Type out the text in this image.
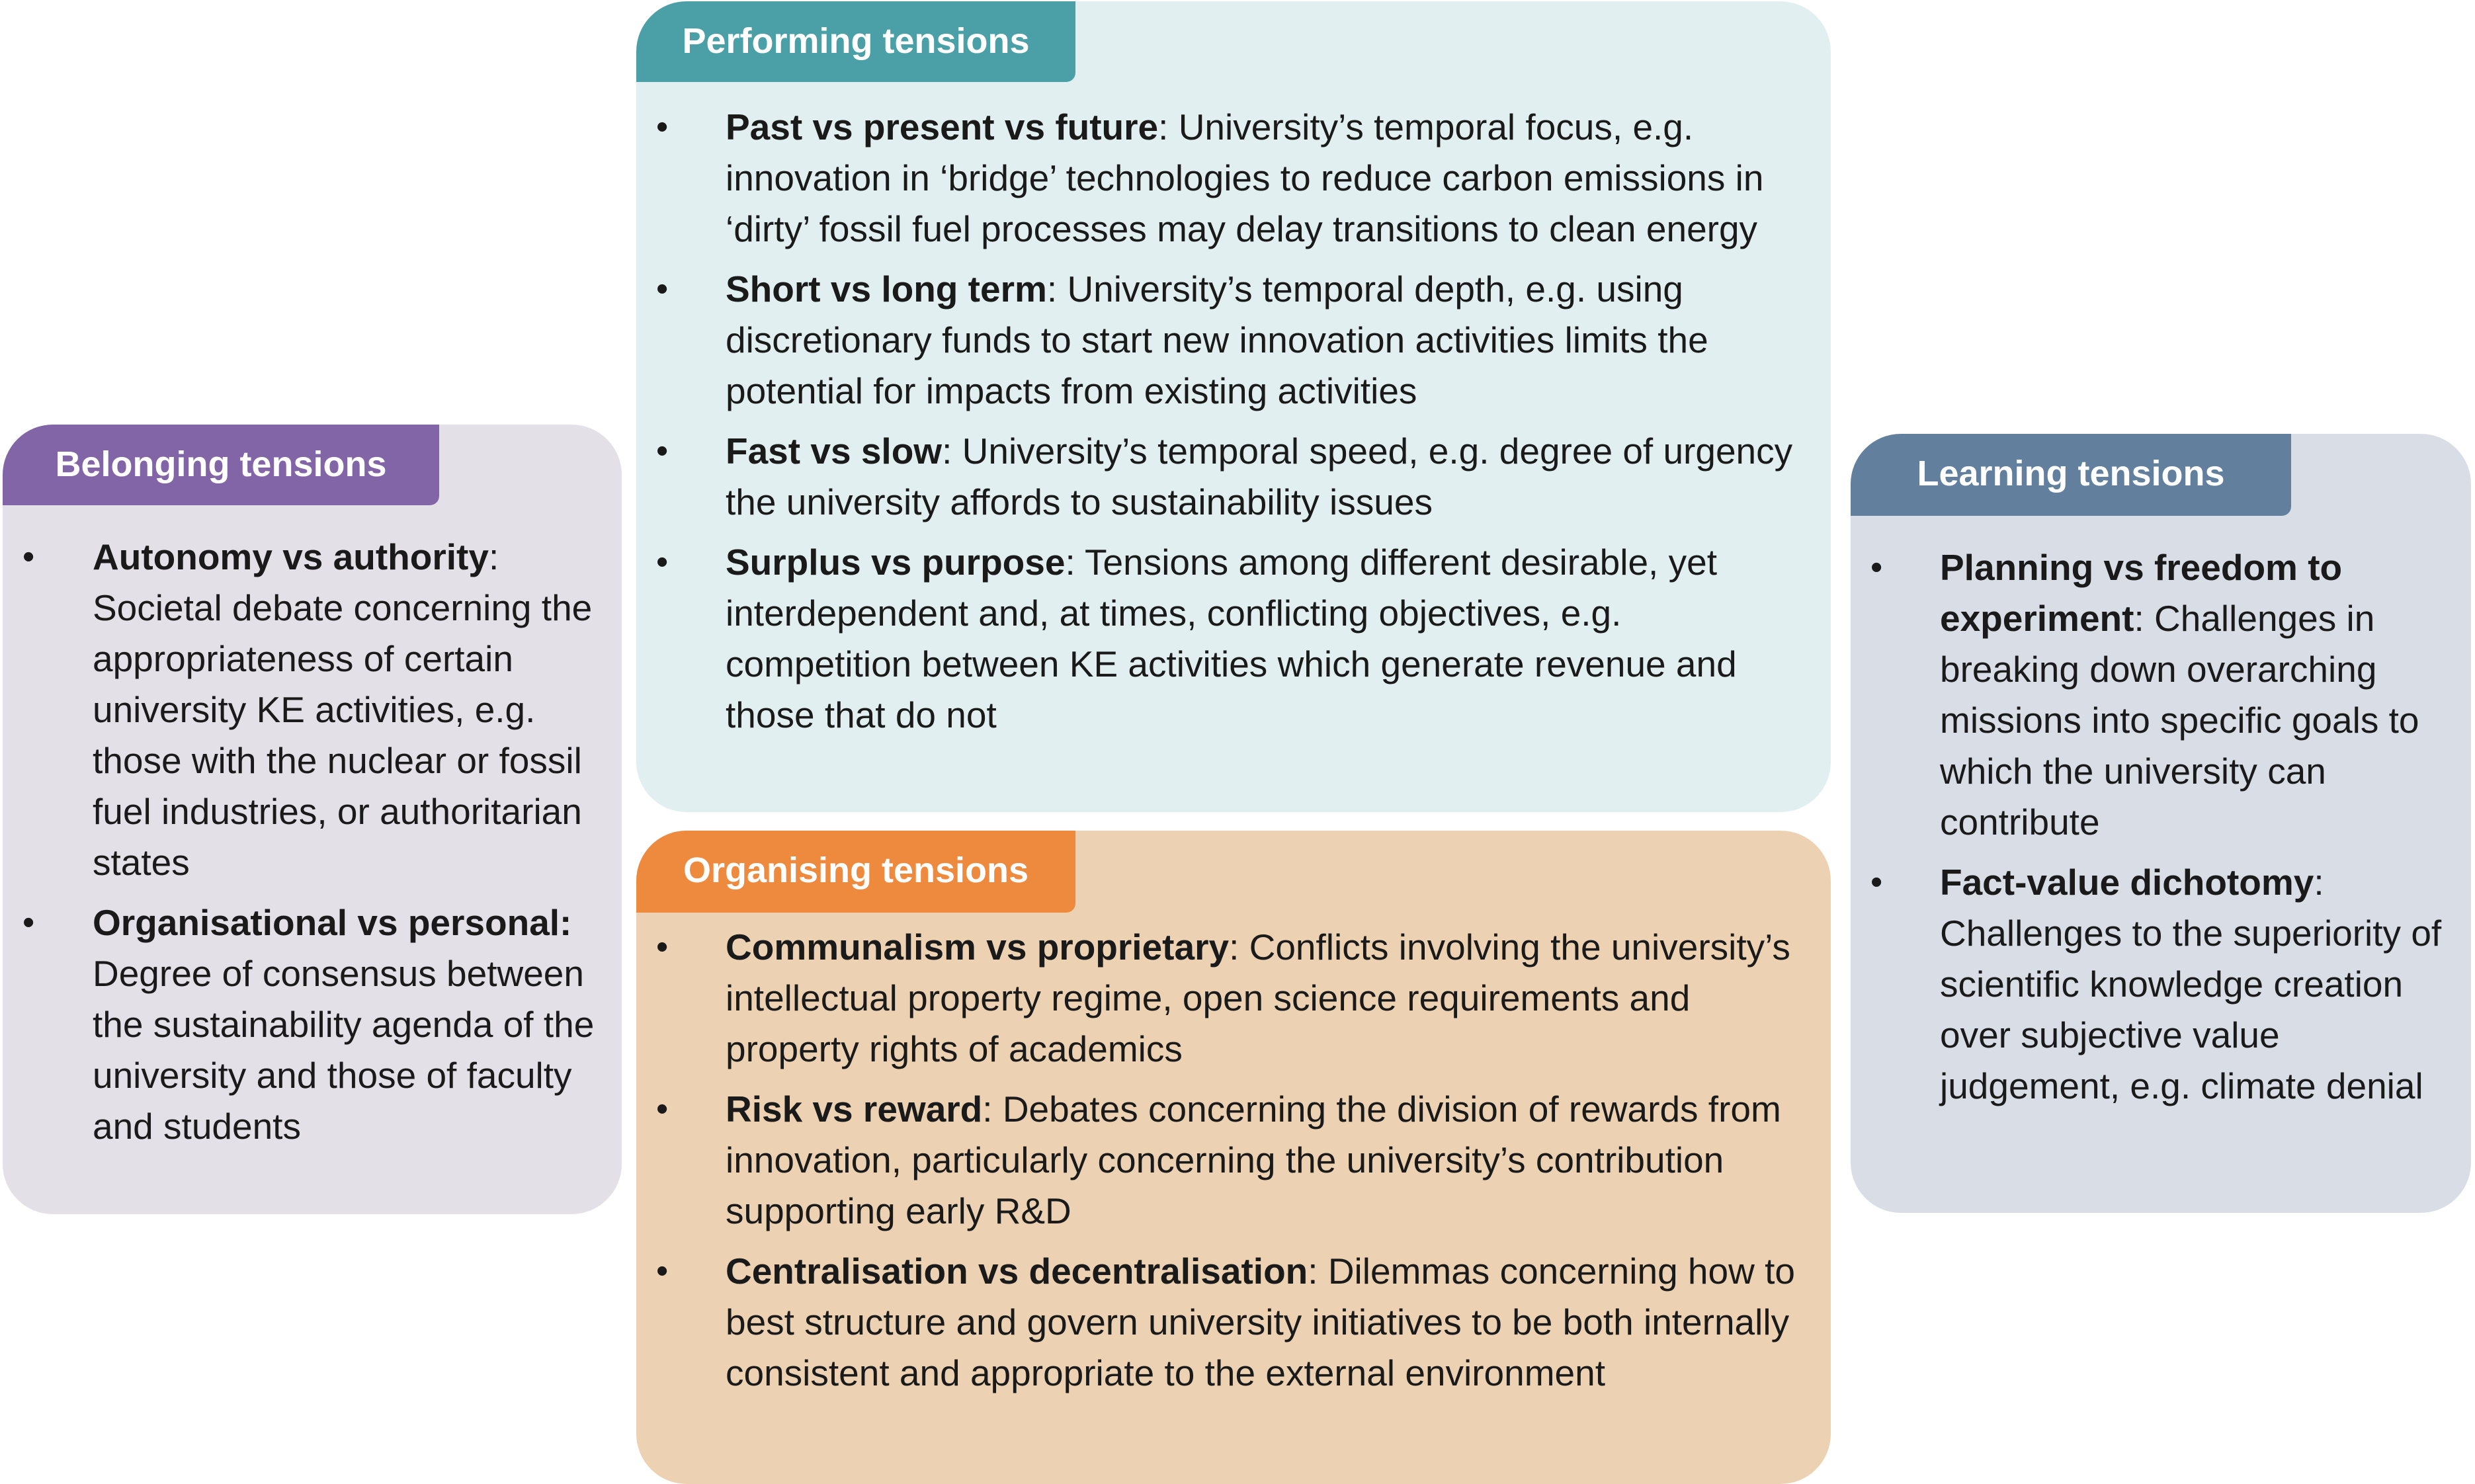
Performing tensions
• Past vs present vs future: University’s temporal focus, e.g. innovation in ‘bridge’ technologies to reduce carbon emissions in ‘dirty’ fossil fuel processes may delay transitions to clean energy
• Short vs long term: University’s temporal depth, e.g. using discretionary funds to start new innovation activities limits the potential for impacts from existing activities
• Fast vs slow: University’s temporal speed, e.g. degree of urgency the university affords to sustainability issues
• Surplus vs purpose: Tensions among different desirable, yet interdependent and, at times, conflicting objectives, e.g. competition between KE activities which generate revenue and those that do not
Organising tensions
• Communalism vs proprietary: Conflicts involving the university’s intellectual property regime, open science requirements and property rights of academics
• Risk vs reward: Debates concerning the division of rewards from innovation, particularly concerning the university’s contribution supporting early R&D
• Centralisation vs decentralisation: Dilemmas concerning how to best structure and govern university initiatives to be both internally consistent and appropriate to the external environment
Belonging tensions
• Autonomy vs authority: Societal debate concerning the appropriateness of certain university KE activities, e.g. those with the nuclear or fossil fuel industries, or authoritarian states
• Organisational vs personal: Degree of consensus between the sustainability agenda of the university and those of faculty and students
Learning tensions
• Planning vs freedom to experiment: Challenges in breaking down overarching missions into specific goals to which the university can contribute
• Fact-value dichotomy: Challenges to the superiority of scientific knowledge creation over subjective value judgement, e.g. climate denial
